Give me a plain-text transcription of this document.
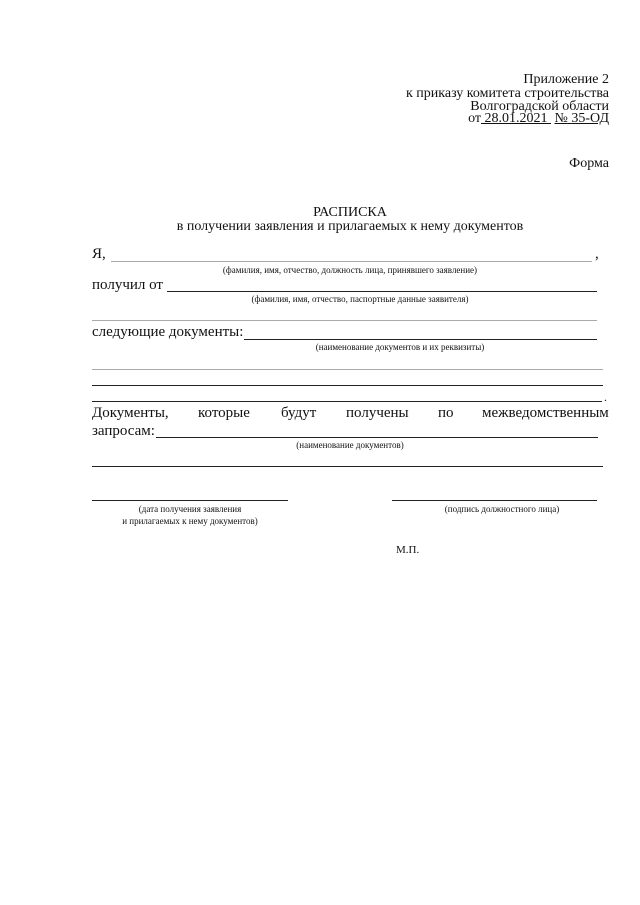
Приложение 2
к приказу комитета строительства
Волгоградской области
от 28.01.2021 № 35-ОД
Форма
РАСПИСКА
в получении заявления и прилагаемых к нему документов
Я,	,
(фамилия, имя, отчество, должность лица, принявшего заявление)
получил от
(фамилия, имя, отчество, паспортные данные заявителя)
следующие документы:
(наименование документов и их реквизиты)
.
Документы, которые будут получены по межведомственным
запросам:
(наименование документов)
(дата получения заявления
и прилагаемых к нему документов)
(подпись должностного лица)
М.П.
